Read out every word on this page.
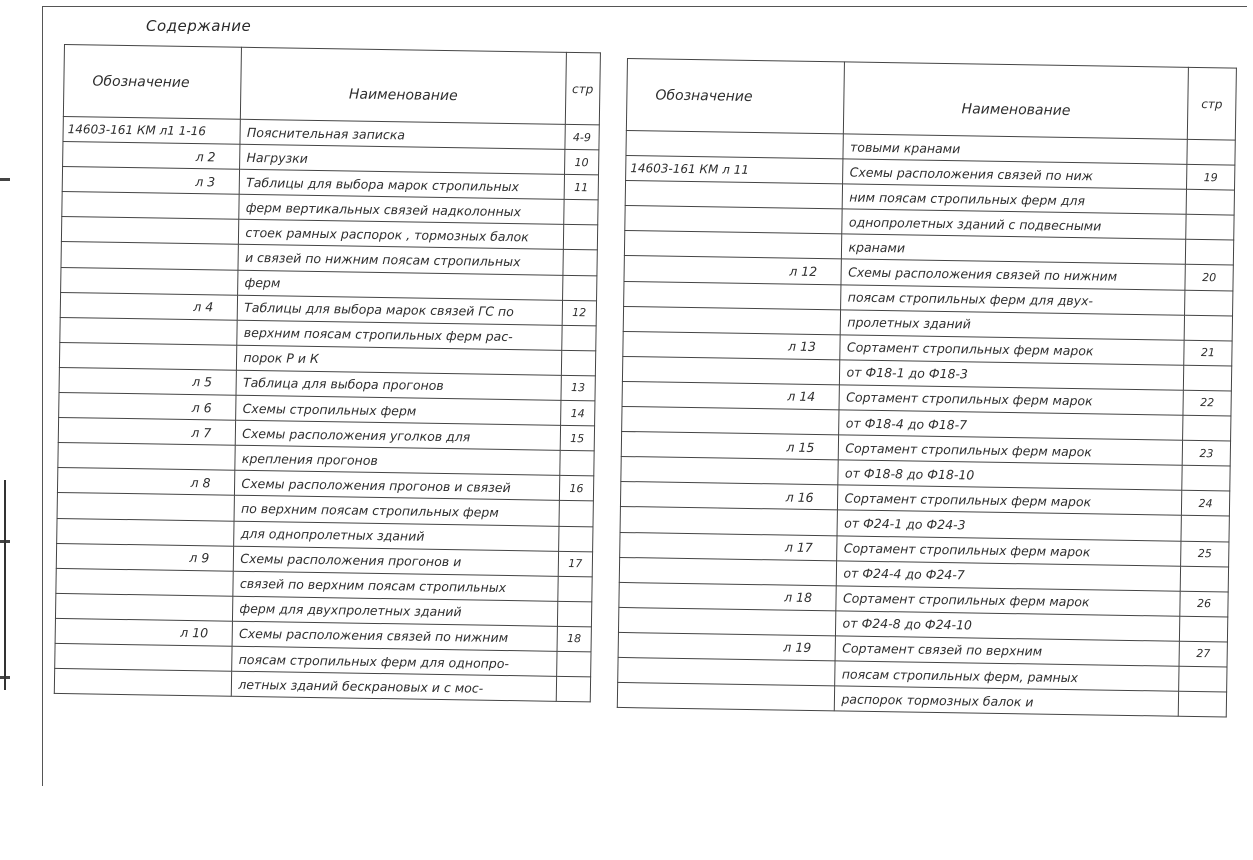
Содержание
Обозначение	Наименование	стр
14603-161 КМ л1 1-16	Пояснительная записка	4-9
л 2	Нагрузки	10
л 3	Таблицы для выбора марок стропильных	11
	ферм вертикальных связей надколонных	
	стоек рамных распорок , тормозных балок	
	и связей по нижним поясам стропильных	
	ферм	
л 4	Таблицы для выбора марок связей ГС по	12
	верхним поясам стропильных ферм рас-	
	порок Р и К	
л 5	Таблица для выбора прогонов	13
л 6	Схемы стропильных ферм	14
л 7	Схемы расположения уголков для	15
	крепления прогонов	
л 8	Схемы расположения прогонов и связей	16
	по верхним поясам стропильных ферм	
	для однопролетных зданий	
л 9	Схемы расположения прогонов и	17
	связей по верхним поясам стропильных	
	ферм для двухпролетных зданий	
л 10	Схемы расположения связей по нижним	18
	поясам стропильных ферм для однопро-	
	летных зданий бескрановых и с мос-	
Обозначение	Наименование	стр
	товыми кранами	
14603-161 КМ л 11	Схемы расположения связей по ниж	19
	ним поясам стропильных ферм для	
	однопролетных зданий с подвесными	
	кранами	
л 12	Схемы расположения связей по нижним	20
	поясам стропильных ферм для двух-	
	пролетных зданий	
л 13	Сортамент стропильных ферм марок	21
	от Ф18-1 до Ф18-3	
л 14	Сортамент стропильных ферм марок	22
	от Ф18-4 до Ф18-7	
л 15	Сортамент стропильных ферм марок	23
	от Ф18-8 до Ф18-10	
л 16	Сортамент стропильных ферм марок	24
	от Ф24-1 до Ф24-3	
л 17	Сортамент стропильных ферм марок	25
	от Ф24-4 до Ф24-7	
л 18	Сортамент стропильных ферм марок	26
	от Ф24-8 до Ф24-10	
л 19	Сортамент связей по верхним	27
	поясам стропильных ферм, рамных	
	распорок тормозных балок и	
